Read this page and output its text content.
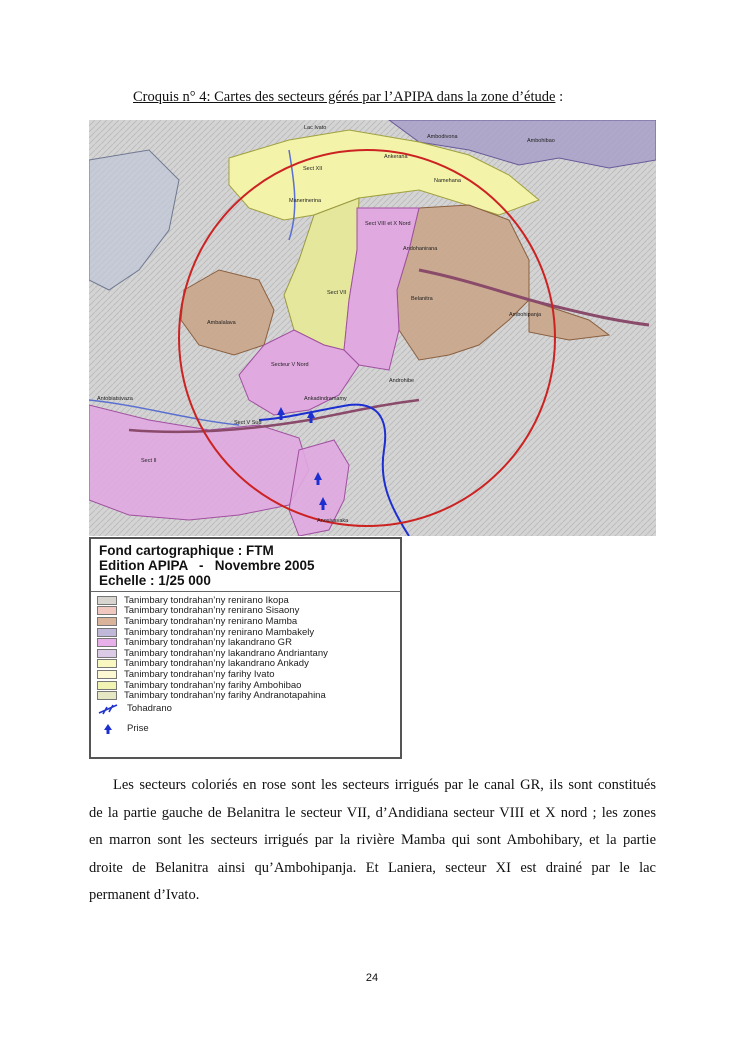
Croquis n° 4: Cartes des secteurs gérés par l’APIPA dans la zone d’étude :
Lac Ivato
Ambodivona
Ambohibao
Ankerana
Manerinerina
Sect XII
Namehana
Sect VIII et X Nord
Andohanirana
Belanitra
Sect VII
Secteur V Nord
Ambalalava
Sect V Sud
Sect II
Ankadindramamy
Androhibe
Anosivavaka
Antobiatsivaza
Ambohipanja
Fond cartographique : FTM
Edition APIPA   -   Novembre 2005
Echelle : 1/25 000
Tanimbary tondrahan’ny renirano Ikopa
Tanimbary tondrahan’ny renirano Sisaony
Tanimbary tondrahan’ny renirano Mamba
Tanimbary tondrahan’ny renirano Mambakely
Tanimbary tondrahan’ny lakandrano GR
Tanimbary tondrahan’ny lakandrano Andriantany
Tanimbary tondrahan’ny lakandrano Ankady
Tanimbary tondrahan’ny farihy Ivato
Tanimbary tondrahan’ny farihy Ambohibao
Tanimbary tondrahan’ny farihy Andranotapahina
Tohadrano
Prise
Les secteurs coloriés en rose sont les secteurs irrigués par le canal GR, ils sont constitués
de la partie gauche de Belanitra le secteur VII, d’Andidiana secteur VIII et X nord ; les zones
en marron sont les secteurs irrigués par la rivière Mamba qui sont Ambohibary, et la partie
droite de Belanitra ainsi qu’Ambohipanja. Et Laniera, secteur XI est drainé par le lac
permanent d’Ivato.
24
